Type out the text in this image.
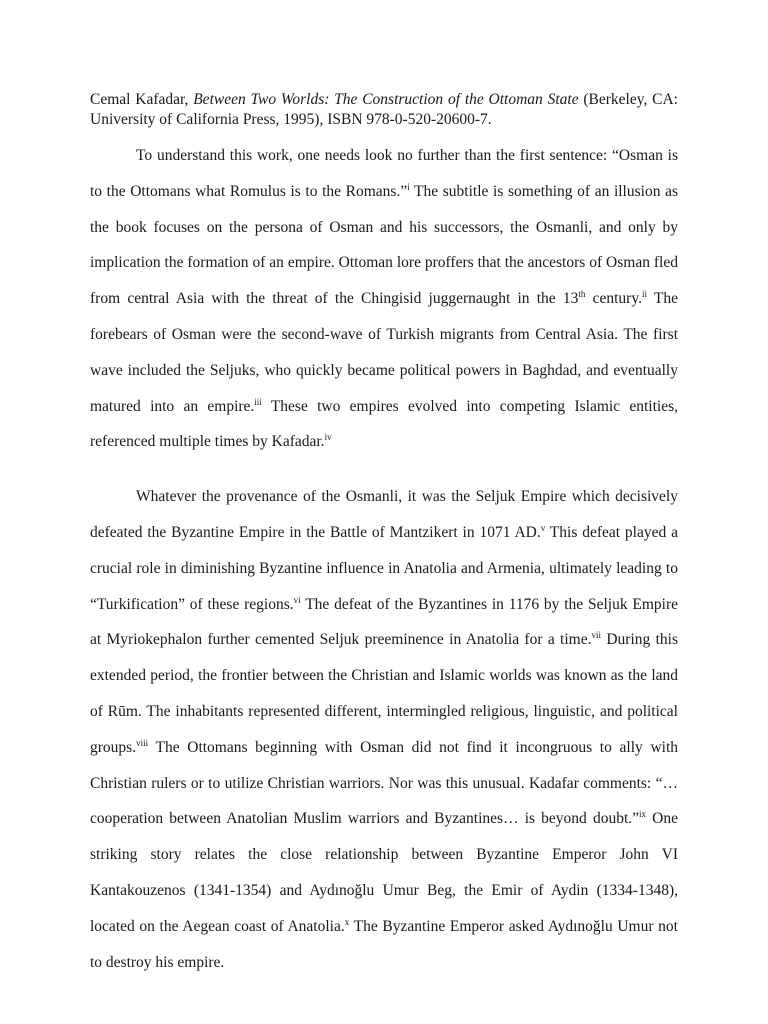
Cemal Kafadar, Between Two Worlds: The Construction of the Ottoman State (Berkeley, CA: University of California Press, 1995), ISBN 978-0-520-20600-7.

To understand this work, one needs look no further than the first sentence: “Osman is to the Ottomans what Romulus is to the Romans.”$^i$ The subtitle is something of an illusion as the book focuses on the persona of Osman and his successors, the Osmanli, and only by implication the formation of an empire. Ottoman lore proffers that the ancestors of Osman fled from central Asia with the threat of the Chingisid juggernaught in the 13th century.$^{ii}$ The forebears of Osman were the second-wave of Turkish migrants from Central Asia. The first wave included the Seljuks, who quickly became political powers in Baghdad, and eventually matured into an empire.$^{iii}$ These two empires evolved into competing Islamic entities, referenced multiple times by Kafadar.$^{iv}$

Whatever the provenance of the Osmanli, it was the Seljuk Empire which decisively defeated the Byzantine Empire in the Battle of Mantzikert in 1071 AD.$^v$ This defeat played a crucial role in diminishing Byzantine influence in Anatolia and Armenia, ultimately leading to “Turkification” of these regions.$^{vi}$ The defeat of the Byzantines in 1176 by the Seljuk Empire at Myriokephalon further cemented Seljuk preeminence in Anatolia for a time.$^{vii}$ During this extended period, the frontier between the Christian and Islamic worlds was known as the land of Rūm. The inhabitants represented different, intermingled religious, linguistic, and political groups.$^{viii}$ The Ottomans beginning with Osman did not find it incongruous to ally with Christian rulers or to utilize Christian warriors. Nor was this unusual. Kadafar comments: “…cooperation between Anatolian Muslim warriors and Byzantines… is beyond doubt.”$^{ix}$ One striking story relates the close relationship between Byzantine Emperor John VI Kantakouzenos (1341-1354) and Aydınoğlu Umur Beg, the Emir of Aydin (1334-1348), located on the Aegean coast of Anatolia.$^x$ The Byzantine Emperor asked Aydınoğlu Umur not to destroy his empire.
